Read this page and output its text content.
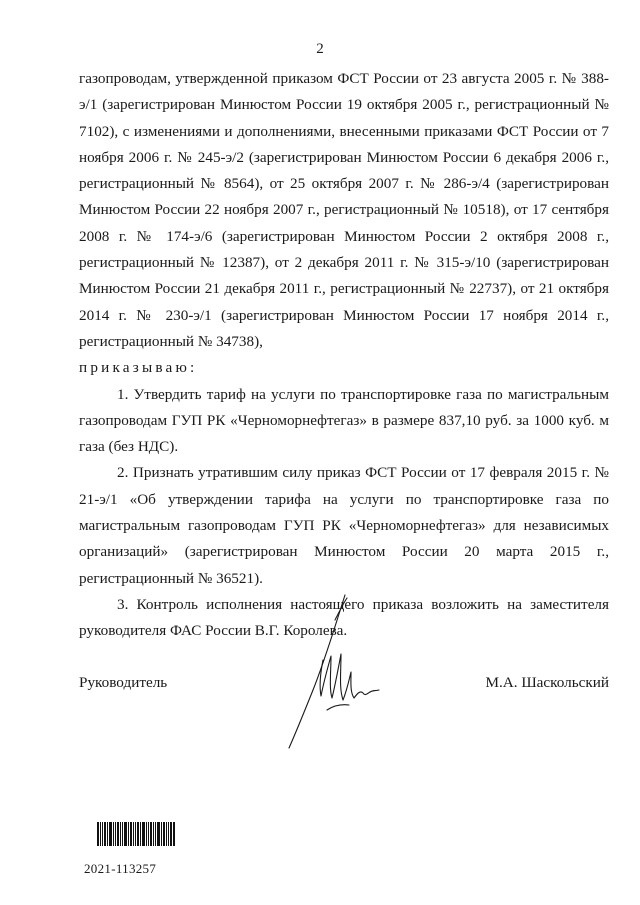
2

газопроводам, утвержденной приказом ФСТ России от 23 августа 2005 г. № 388-э/1 (зарегистрирован Минюстом России 19 октября 2005 г., регистрационный № 7102), с изменениями и дополнениями, внесенными приказами ФСТ России от 7 ноября 2006 г. № 245-э/2 (зарегистрирован Минюстом России 6 декабря 2006 г., регистрационный № 8564), от 25 октября 2007 г. № 286-э/4 (зарегистрирован Минюстом России 22 ноября 2007 г., регистрационный № 10518), от 17 сентября 2008 г. № 174-э/6 (зарегистрирован Минюстом России 2 октября 2008 г., регистрационный № 12387), от 2 декабря 2011 г. № 315-э/10 (зарегистрирован Минюстом России 21 декабря 2011 г., регистрационный № 22737), от 21 октября 2014 г. № 230-э/1 (зарегистрирован Минюстом России 17 ноября 2014 г., регистрационный № 34738),

приказываю:

1. Утвердить тариф на услуги по транспортировке газа по магистральным газопроводам ГУП РК «Черноморнефтегаз» в размере 837,10 руб. за 1000 куб. м газа (без НДС).

2. Признать утратившим силу приказ ФСТ России от 17 февраля 2015 г. № 21-э/1 «Об утверждении тарифа на услуги по транспортировке газа по магистральным газопроводам ГУП РК «Черноморнефтегаз» для независимых организаций» (зарегистрирован Минюстом России 20 марта 2015 г., регистрационный № 36521).

3. Контроль исполнения настоящего приказа возложить на заместителя руководителя ФАС России В.Г. Королева.

Руководитель	М.А. Шаскольский
2021-113257
